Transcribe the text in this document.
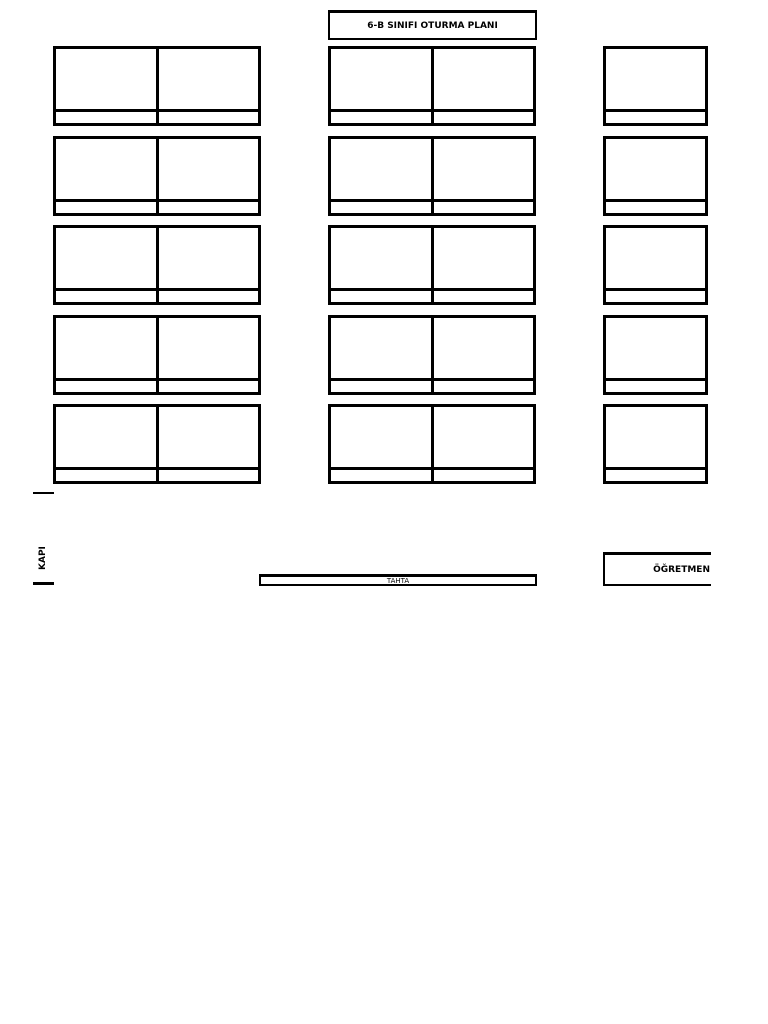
6-B SINIFI OTURMA PLANI
KAPI
TAHTA
ÖĞRETMEN
